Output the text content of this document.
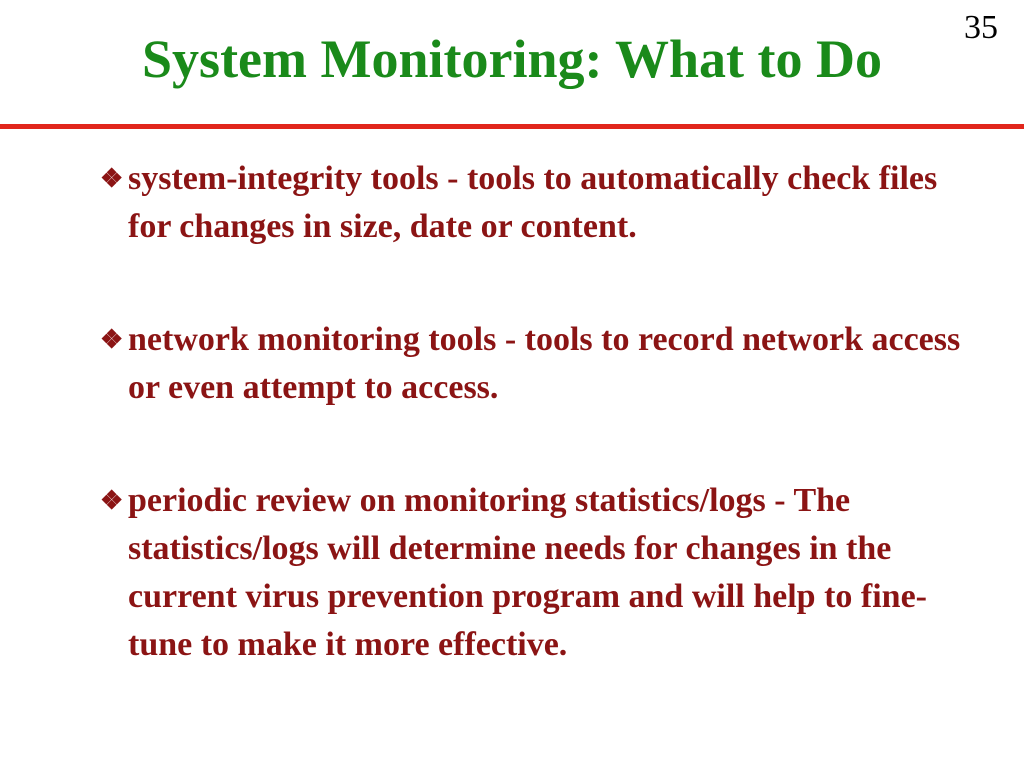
35
System Monitoring: What to Do
❖ system-integrity tools - tools to automatically check files for changes in size, date or content.
❖ network monitoring tools - tools to record network access or even attempt to access.
❖ periodic review on monitoring statistics/logs - The statistics/logs will determine needs for changes in the current virus prevention program and will help to fine-tune to make it more effective.
